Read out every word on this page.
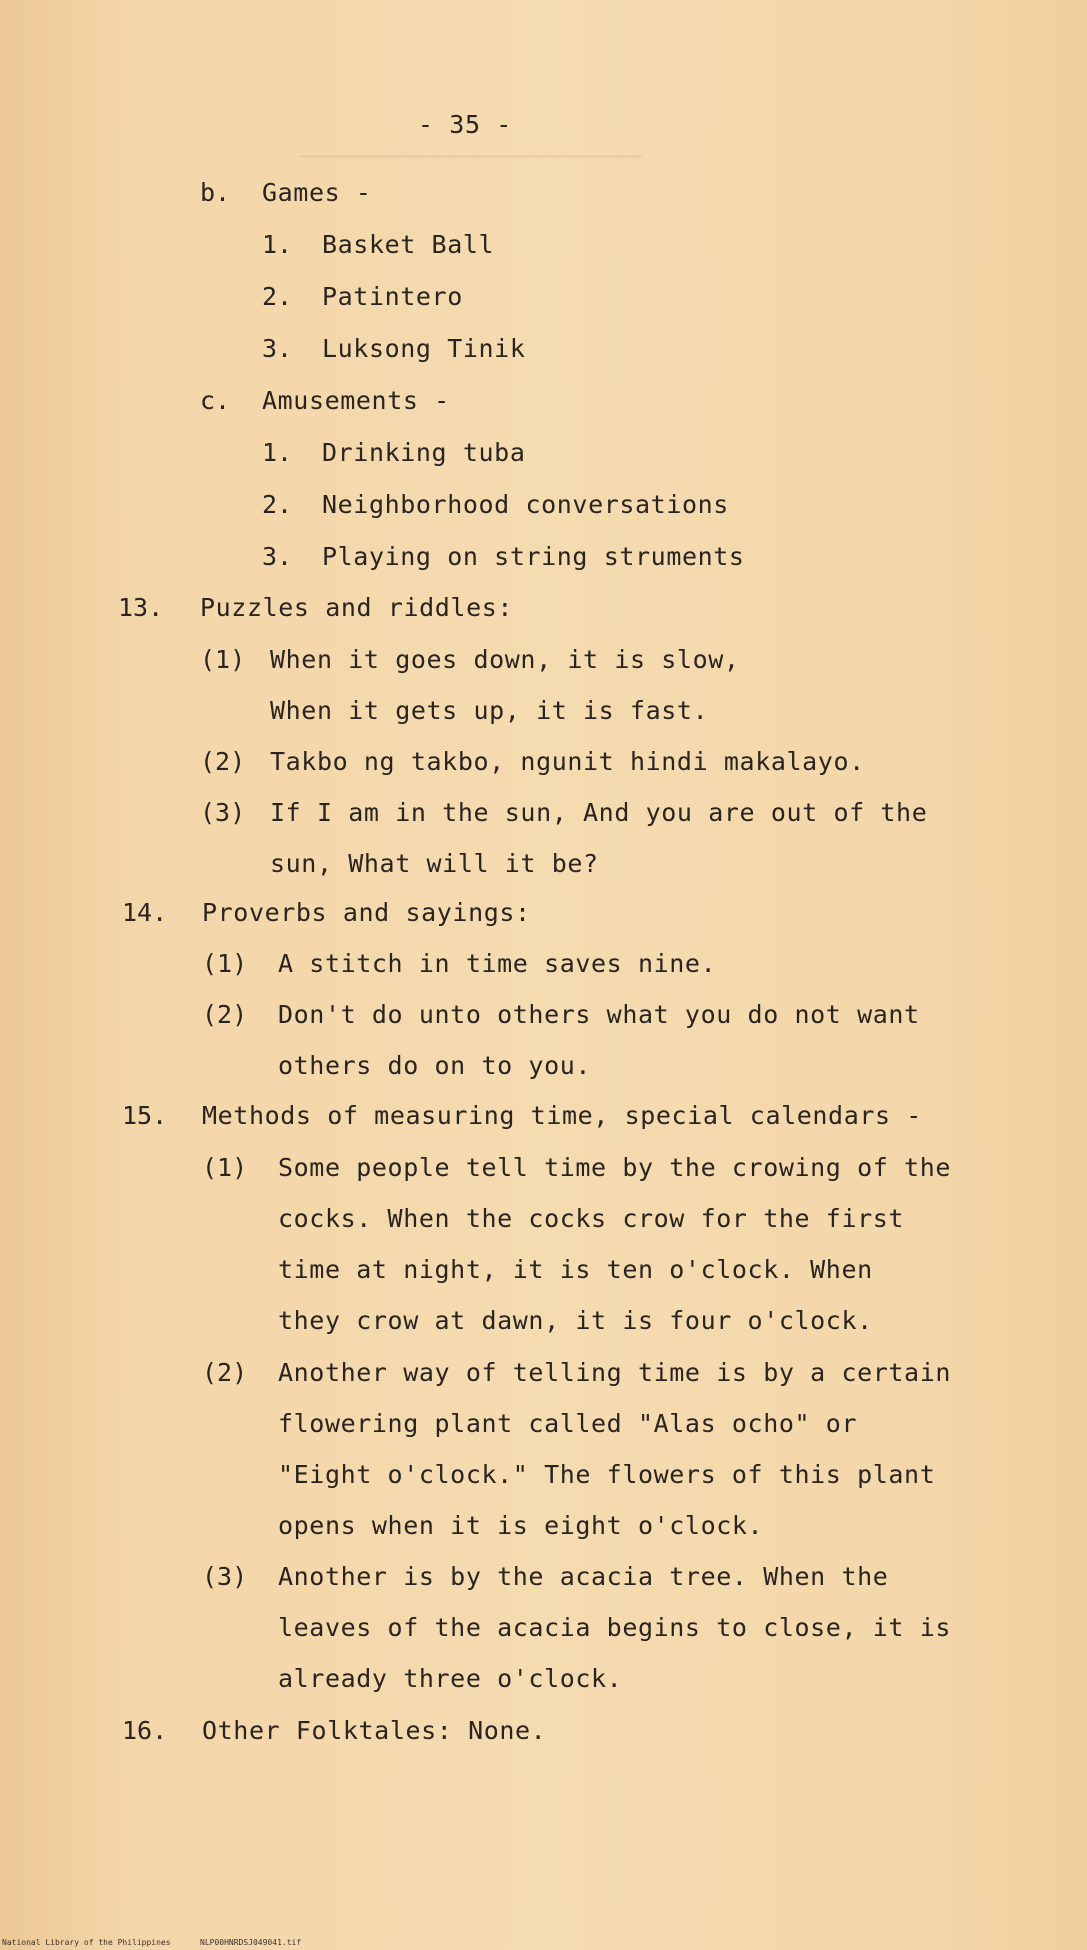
────────────────────────
- 35 -
b. Games -
1. Basket Ball
2. Patintero
3. Luksong Tinik
c. Amusements -
1. Drinking tuba
2. Neighborhood conversations
3. Playing on string struments
13. Puzzles and riddles:
(1) When it goes down, it is slow,
When it gets up, it is fast.
(2) Takbo ng takbo, ngunit hindi makalayo.
(3) If I am in the sun, And you are out of the
sun, What will it be?
14. Proverbs and sayings:
(1) A stitch in time saves nine.
(2) Don't do unto others what you do not want
others do on to you.
15. Methods of measuring time, special calendars -
(1) Some people tell time by the crowing of the
cocks. When the cocks crow for the first
time at night, it is ten o'clock. When
they crow at dawn, it is four o'clock.
(2) Another way of telling time is by a certain
flowering plant called "Alas ocho" or
"Eight o'clock." The flowers of this plant
opens when it is eight o'clock.
(3) Another is by the acacia tree. When the
leaves of the acacia begins to close, it is
already three o'clock.
16. Other Folktales: None.
National Library of the Philippines	NLP00HNRDSJ049041.tif
